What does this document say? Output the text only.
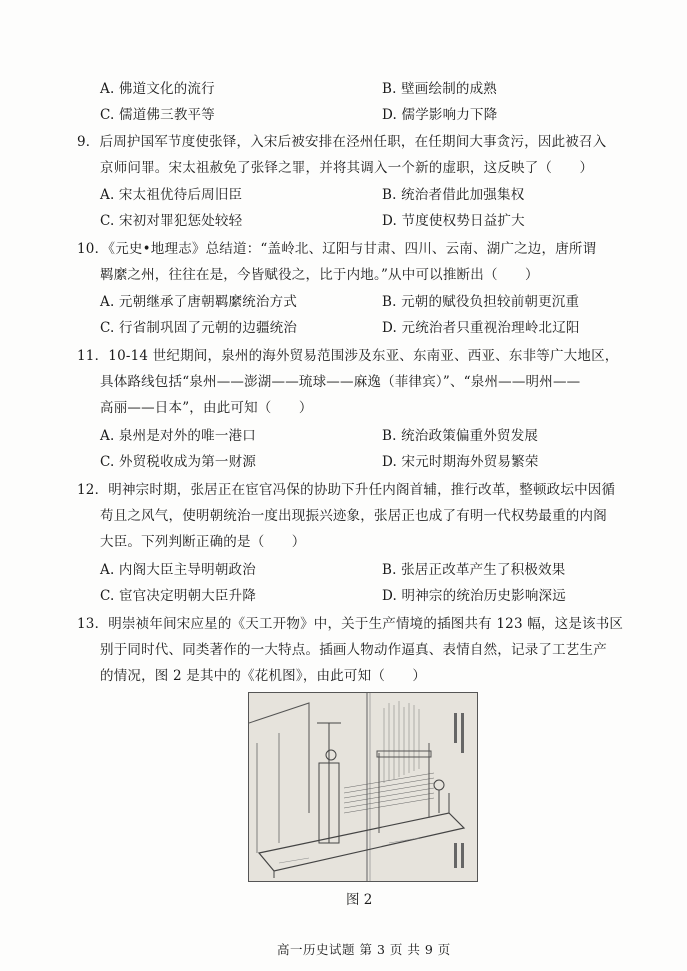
A. 佛道文化的流行	B. 壁画绘制的成熟
C. 儒道佛三教平等	D. 儒学影响力下降
9．后周护国军节度使张铎，入宋后被安排在泾州任职，在任期间大事贪污，因此被召入
京师问罪。宋太祖赦免了张铎之罪，并将其调入一个新的虚职，这反映了（　　）
A. 宋太祖优待后周旧臣	B. 统治者借此加强集权
C. 宋初对罪犯惩处较轻	D. 节度使权势日益扩大
10．《元史•地理志》总结道：“盖岭北、辽阳与甘肃、四川、云南、湖广之边，唐所谓
羁縻之州，往往在是，今皆赋役之，比于内地。”从中可以推断出（　　）
A. 元朝继承了唐朝羁縻统治方式	B. 元朝的赋役负担较前朝更沉重
C. 行省制巩固了元朝的边疆统治	D. 元统治者只重视治理岭北辽阳
11．10-14 世纪期间，泉州的海外贸易范围涉及东亚、东南亚、西亚、东非等广大地区，
具体路线包括“泉州——澎湖——琉球——麻逸（菲律宾）”、“泉州——明州——
高丽——日本”，由此可知（　　）
A. 泉州是对外的唯一港口	B. 统治政策偏重外贸发展
C. 外贸税收成为第一财源	D. 宋元时期海外贸易繁荣
12．明神宗时期，张居正在宦官冯保的协助下升任内阁首辅，推行改革，整顿政坛中因循
苟且之风气，使明朝统治一度出现振兴迹象，张居正也成了有明一代权势最重的内阁
大臣。下列判断正确的是（　　）
A. 内阁大臣主导明朝政治	B. 张居正改革产生了积极效果
C. 宦官决定明朝大臣升降	D. 明神宗的统治历史影响深远
13．明崇祯年间宋应星的《天工开物》中，关于生产情境的插图共有 123 幅，这是该书区
别于同时代、同类著作的一大特点。插画人物动作逼真、表情自然，记录了工艺生产
的情况，图 2 是其中的《花机图》，由此可知（　　）
图 2
高一历史试题 第 3 页 共 9 页
